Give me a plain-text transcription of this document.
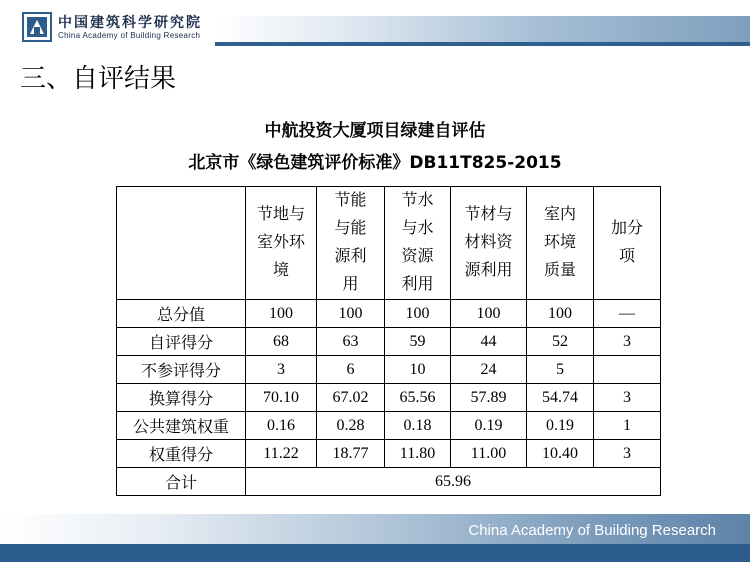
中国建筑科学研究院
China Academy of Building Research
三、自评结果
中航投资大厦项目绿建自评估
北京市《绿色建筑评价标准》DB11T825-2015
	节地与室外环境	节能与能源利用	节水与水资源利用	节材与材料资源利用	室内环境质量	加分项
总分值	100	100	100	100	100	—
自评得分	68	63	59	44	52	3
不参评得分	3	6	10	24	5	
换算得分	70.10	67.02	65.56	57.89	54.74	3
公共建筑权重	0.16	0.28	0.18	0.19	0.19	1
权重得分	11.22	18.77	11.80	11.00	10.40	3
合计	65.96					
China Academy of Building Research
